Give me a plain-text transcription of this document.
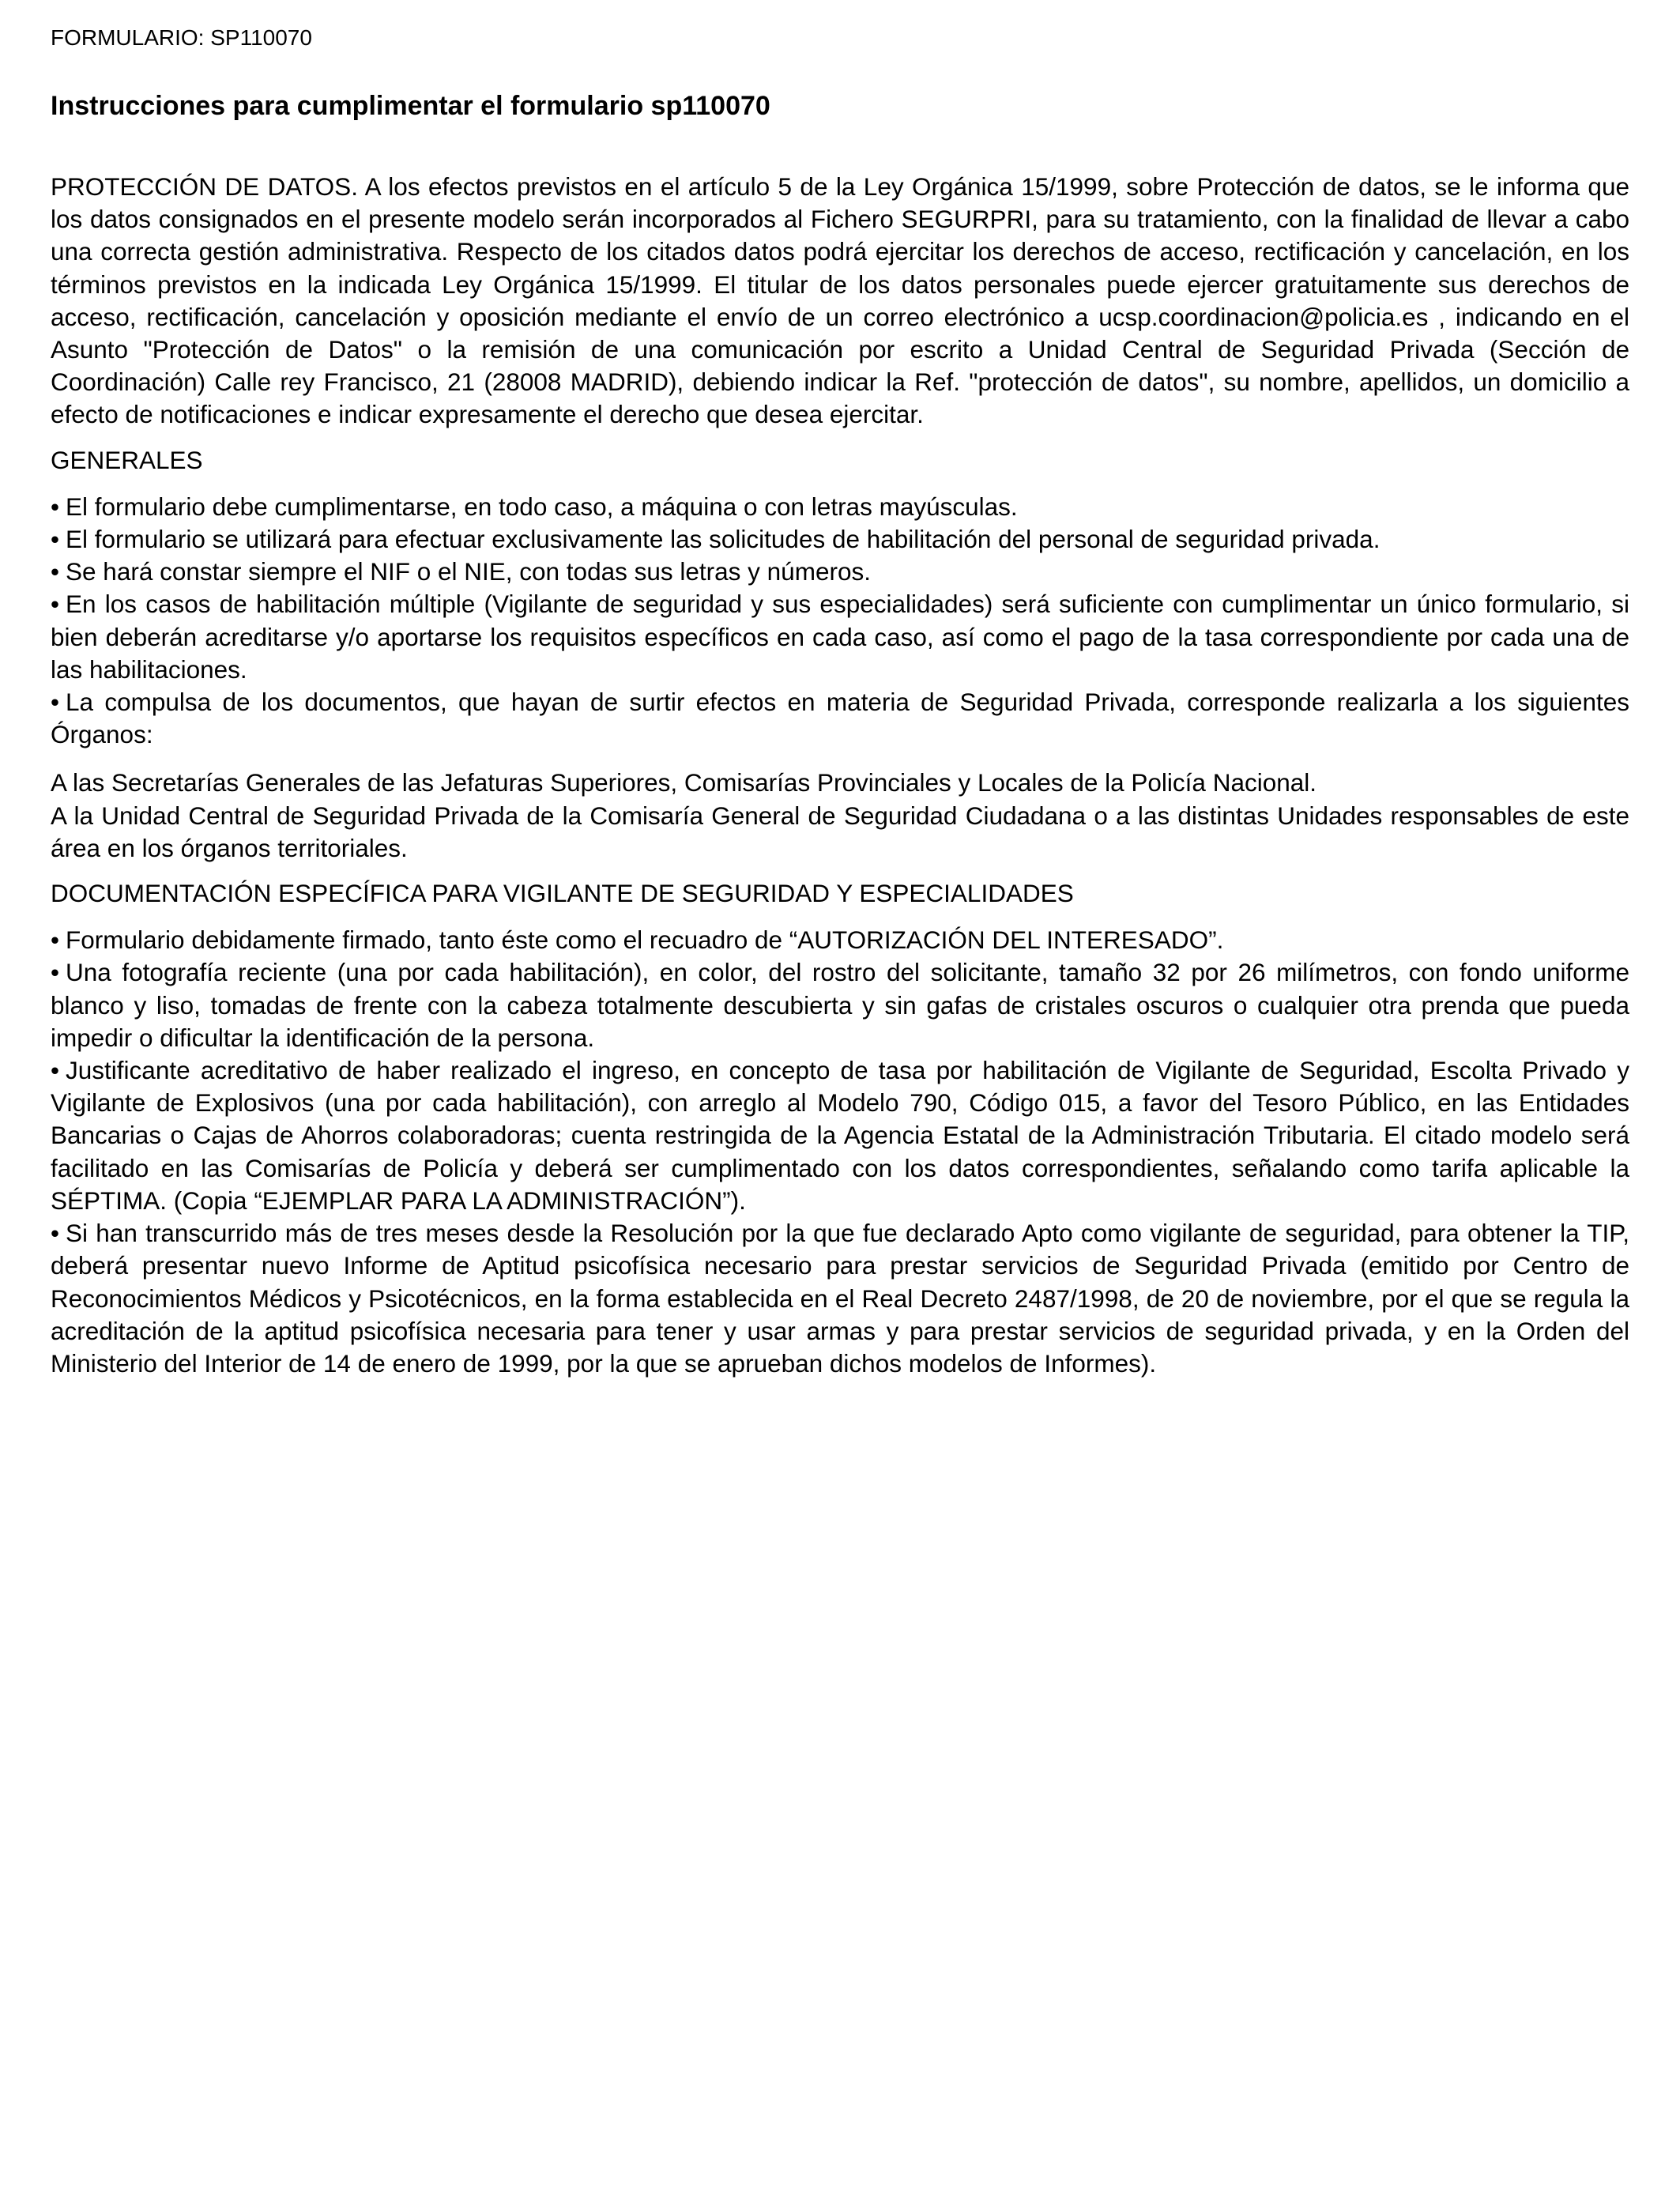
FORMULARIO: SP110070
Instrucciones para cumplimentar el formulario sp110070
PROTECCIÓN DE DATOS. A los efectos previstos en el artículo 5 de la Ley Orgánica 15/1999, sobre Protección de datos, se le informa que los datos consignados en el presente modelo serán incorporados al Fichero SEGURPRI, para su tratamiento, con la finalidad de llevar a cabo una correcta gestión administrativa. Respecto de los citados datos podrá ejercitar los derechos de acceso, rectificación y cancelación, en los términos previstos en la indicada Ley Orgánica 15/1999. El titular de los datos personales puede ejercer gratuitamente sus derechos de acceso, rectificación, cancelación y oposición mediante el envío de un correo electrónico a ucsp.coordinacion@policia.es , indicando en el Asunto "Protección de Datos" o la remisión de una comunicación por escrito a Unidad Central de Seguridad Privada (Sección de Coordinación) Calle rey Francisco, 21 (28008 MADRID), debiendo indicar la Ref. "protección de datos", su nombre, apellidos, un domicilio a efecto de notificaciones e indicar expresamente el derecho que desea ejercitar.
GENERALES
• El formulario debe cumplimentarse, en todo caso, a máquina o con letras mayúsculas.
• El formulario se utilizará para efectuar exclusivamente las solicitudes de habilitación del personal de seguridad privada.
• Se hará constar siempre el NIF o el NIE, con todas sus letras y números.
• En los casos de habilitación múltiple (Vigilante de seguridad y sus especialidades) será suficiente con cumplimentar un único formulario, si bien deberán acreditarse y/o aportarse los requisitos específicos en cada caso, así como el pago de la tasa correspondiente por cada una de las habilitaciones.
• La compulsa de los documentos, que hayan de surtir efectos en materia de Seguridad Privada, corresponde realizarla a los siguientes Órganos:

A las Secretarías Generales de las Jefaturas Superiores, Comisarías Provinciales y Locales de la Policía Nacional.

A la Unidad Central de Seguridad Privada de la Comisaría General de Seguridad Ciudadana o a las distintas Unidades responsables de este área en los órganos territoriales.

DOCUMENTACIÓN ESPECÍFICA PARA VIGILANTE DE SEGURIDAD Y ESPECIALIDADES
• Formulario debidamente firmado, tanto éste como el recuadro de “AUTORIZACIÓN DEL INTERESADO”.
• Una fotografía reciente (una por cada habilitación), en color, del rostro del solicitante, tamaño 32 por 26 milímetros, con fondo uniforme blanco y liso, tomadas de frente con la cabeza totalmente descubierta y sin gafas de cristales oscuros o cualquier otra prenda que pueda impedir o dificultar la identificación de la persona.
• Justificante acreditativo de haber realizado el ingreso, en concepto de tasa por habilitación de Vigilante de Seguridad, Escolta Privado y Vigilante de Explosivos (una por cada habilitación), con arreglo al Modelo 790, Código 015, a favor del Tesoro Público, en las Entidades Bancarias o Cajas de Ahorros colaboradoras; cuenta restringida de la Agencia Estatal de la Administración Tributaria. El citado modelo será facilitado en las Comisarías de Policía y deberá ser cumplimentado con los datos correspondientes, señalando como tarifa aplicable la SÉPTIMA. (Copia “EJEMPLAR PARA LA ADMINISTRACIÓN”).
• Si han transcurrido más de tres meses desde la Resolución por la que fue declarado Apto como vigilante de seguridad, para obtener la TIP, deberá presentar nuevo Informe de Aptitud psicofísica necesario para prestar servicios de Seguridad Privada (emitido por Centro de Reconocimientos Médicos y Psicotécnicos, en la forma establecida en el Real Decreto 2487/1998, de 20 de noviembre, por el que se regula la acreditación de la aptitud psicofísica necesaria para tener y usar armas y para prestar servicios de seguridad privada, y en la Orden del Ministerio del Interior de 14 de enero de 1999, por la que se aprueban dichos modelos de Informes).
